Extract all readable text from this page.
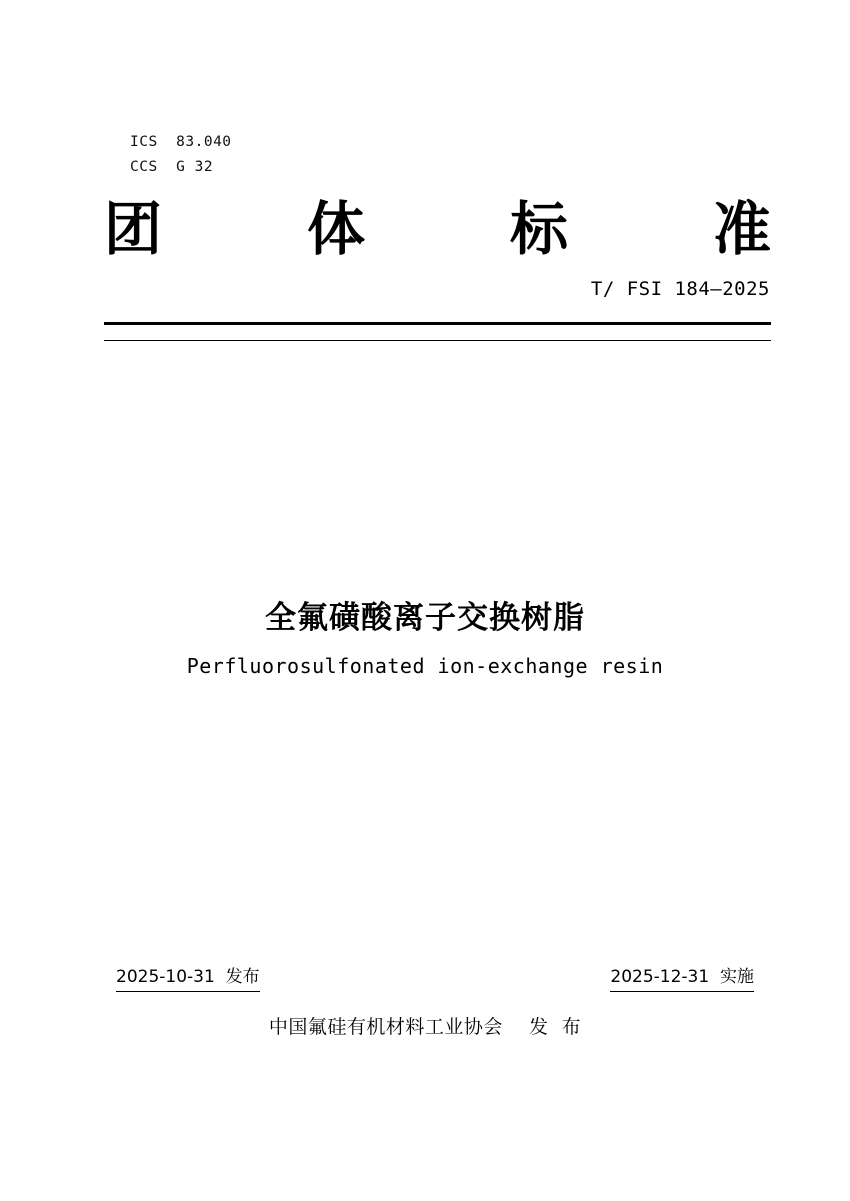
ICS  83.040
CCS  G 32
团 体 标 准
T/ FSI 184—2025
全氟磺酸离子交换树脂
Perfluorosulfonated ion-exchange resin
2025-10-31  发布	2025-12-31  实施
中国氟硅有机材料工业协会    发  布
